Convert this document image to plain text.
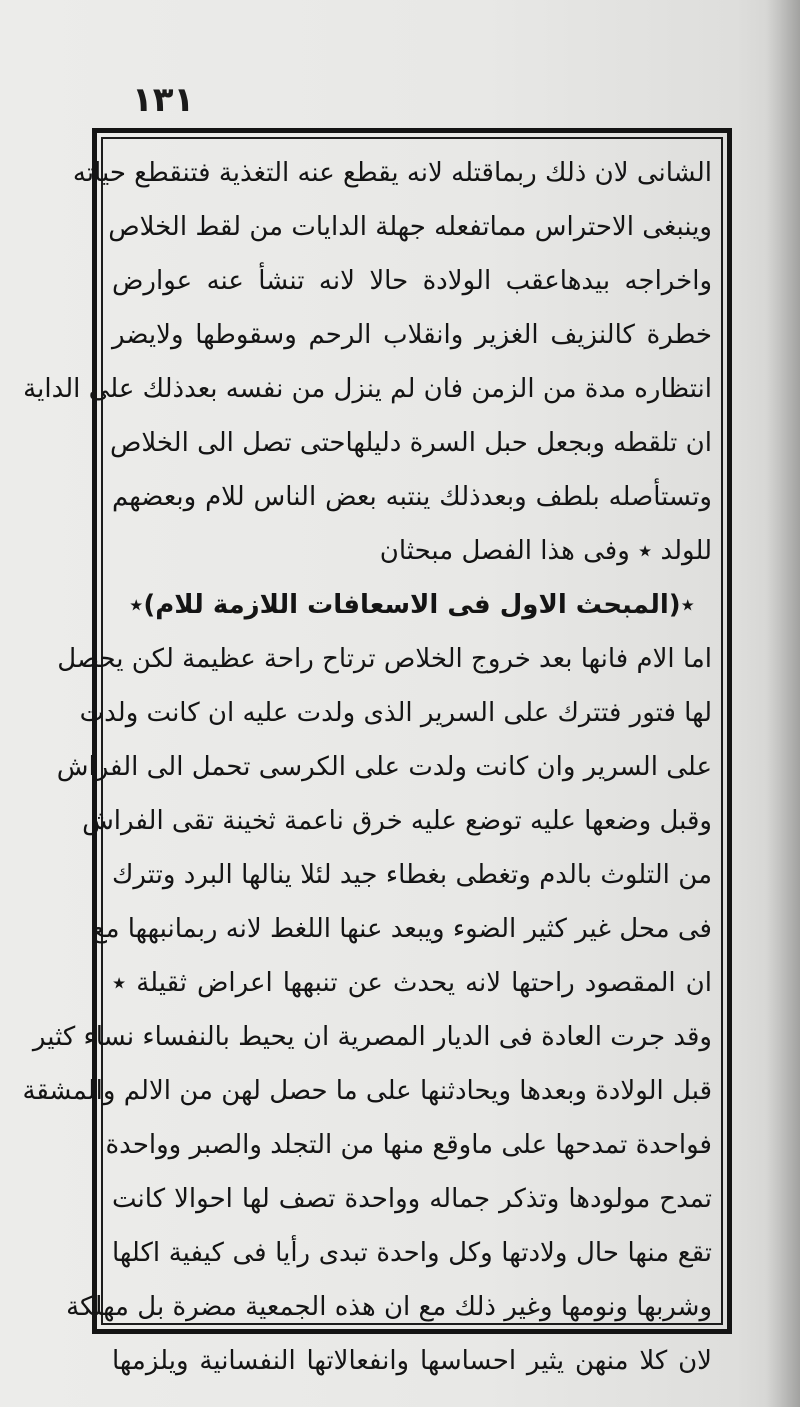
١٣١
الشانى لان ذلك ربماقتله لانه يقطع عنه التغذية فتنقطع حياته
وينبغى الاحتراس مماتفعله جهلة الدايات من لقط الخلاص
واخراجه بيدهاعقب الولادة حالا لانه تنشأ عنه عوارض
خطرة كالنزيف الغزير وانقلاب الرحم وسقوطها ولايضر
انتظاره مدة من الزمن فان لم ينزل من نفسه بعدذلك على الداية
ان تلقطه وبجعل حبل السرة دليلهاحتى تصل الى الخلاص
وتستأصله بلطف وبعدذلك ينتبه بعض الناس للام وبعضهم
للولد ٭ وفى هذا الفصل مبحثان
٭(المبحث الاول فى الاسعافات اللازمة للام)٭
اما الام فانها بعد خروج الخلاص ترتاح راحة عظيمة لكن يحصل
لها فتور فتترك على السرير الذى ولدت عليه ان كانت ولدت
على السرير وان كانت ولدت على الكرسى تحمل الى الفراش
وقبل وضعها عليه توضع عليه خرق ناعمة ثخينة تقى الفراش
من التلوث بالدم وتغطى بغطاء جيد لئلا ينالها البرد وتترك
فى محل غير كثير الضوء ويبعد عنها اللغط لانه ربمانبهها مع
ان المقصود راحتها لانه يحدث عن تنبهها اعراض ثقيلة ٭
وقد جرت العادة فى الديار المصرية ان يحيط بالنفساء نساء كثير
قبل الولادة وبعدها ويحادثنها على ما حصل لهن من الالم والمشقة
فواحدة تمدحها على ماوقع منها من التجلد والصبر وواحدة
تمدح مولودها وتذكر جماله وواحدة تصف لها احوالا كانت
تقع منها حال ولادتها وكل واحدة تبدى رأيا فى كيفية اكلها
وشربها ونومها وغير ذلك مع ان هذه الجمعية مضرة بل مهلكة
لان كلا منهن يثير احساسها وانفعالاتها النفسانية ويلزمها
